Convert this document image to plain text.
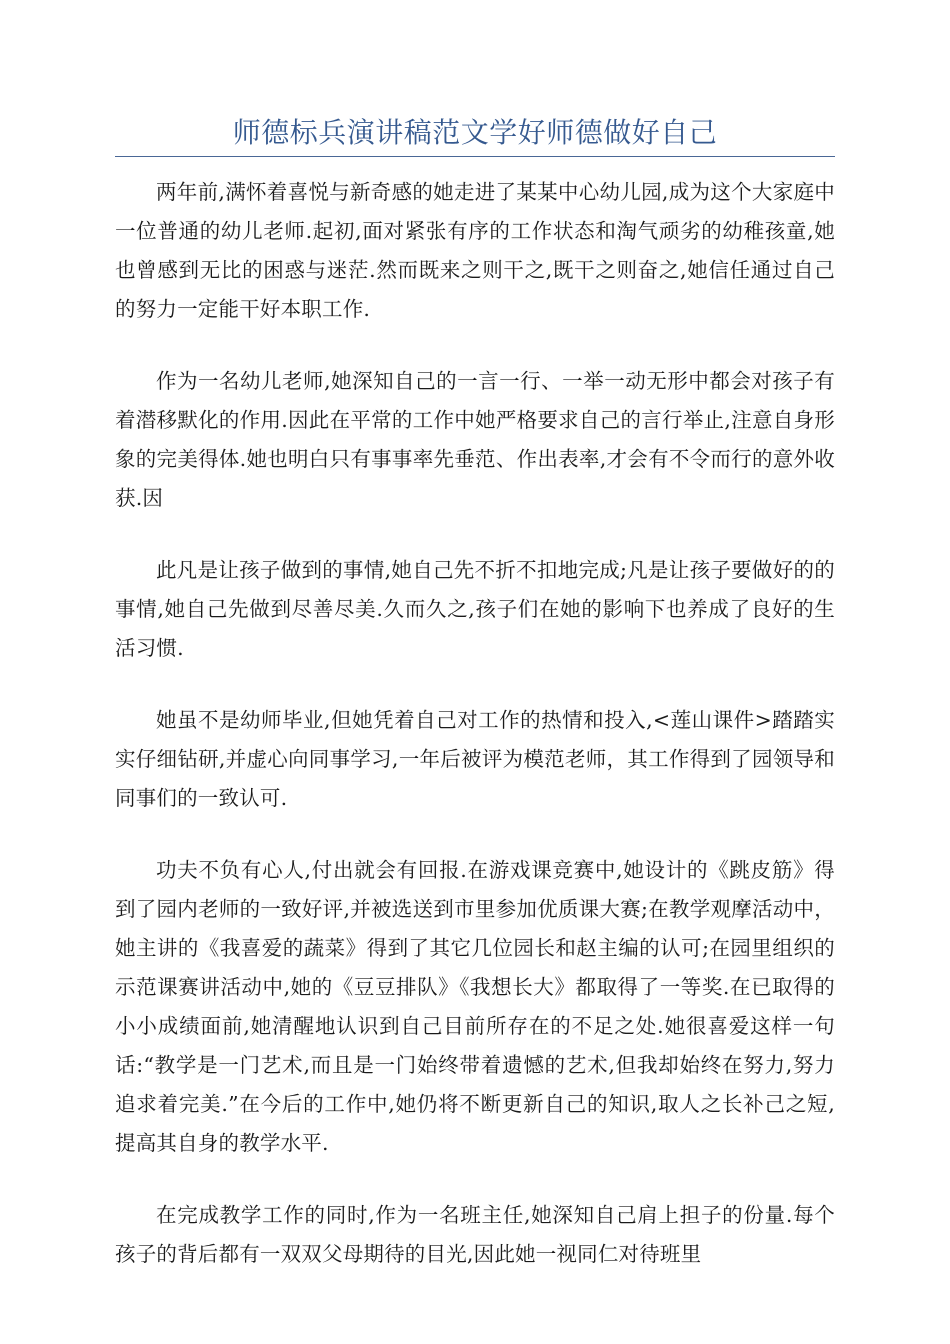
师德标兵演讲稿范文学好师德做好自己

两年前,满怀着喜悦与新奇感的她走进了某某中心幼儿园,成为这个大家庭中一位普通的幼儿老师.起初,面对紧张有序的工作状态和淘气顽劣的幼稚孩童,她也曾感到无比的困惑与迷茫.然而既来之则干之,既干之则奋之,她信任通过自己的努力一定能干好本职工作.

作为一名幼儿老师,她深知自己的一言一行、一举一动无形中都会对孩子有着潜移默化的作用.因此在平常的工作中她严格要求自己的言行举止,注意自身形象的完美得体.她也明白只有事事率先垂范、作出表率,才会有不令而行的意外收获.因

此凡是让孩子做到的事情,她自己先不折不扣地完成;凡是让孩子要做好的的事情,她自己先做到尽善尽美.久而久之,孩子们在她的影响下也养成了良好的生活习惯.

她虽不是幼师毕业,但她凭着自己对工作的热情和投入,<莲山课件>踏踏实实仔细钻研,并虚心向同事学习,一年后被评为模范老师，其工作得到了园领导和同事们的一致认可.

功夫不负有心人,付出就会有回报.在游戏课竞赛中,她设计的《跳皮筋》得到了园内老师的一致好评,并被选送到市里参加优质课大赛;在教学观摩活动中，她主讲的《我喜爱的蔬菜》得到了其它几位园长和赵主编的认可;在园里组织的示范课赛讲活动中,她的《豆豆排队》《我想长大》都取得了一等奖.在已取得的小小成绩面前,她清醒地认识到自己目前所存在的不足之处.她很喜爱这样一句话:“教学是一门艺术,而且是一门始终带着遗憾的艺术,但我却始终在努力,努力追求着完美.”在今后的工作中,她仍将不断更新自己的知识,取人之长补己之短,提高其自身的教学水平.

在完成教学工作的同时,作为一名班主任,她深知自己肩上担子的份量.每个孩子的背后都有一双双父母期待的目光,因此她一视同仁对待班里
